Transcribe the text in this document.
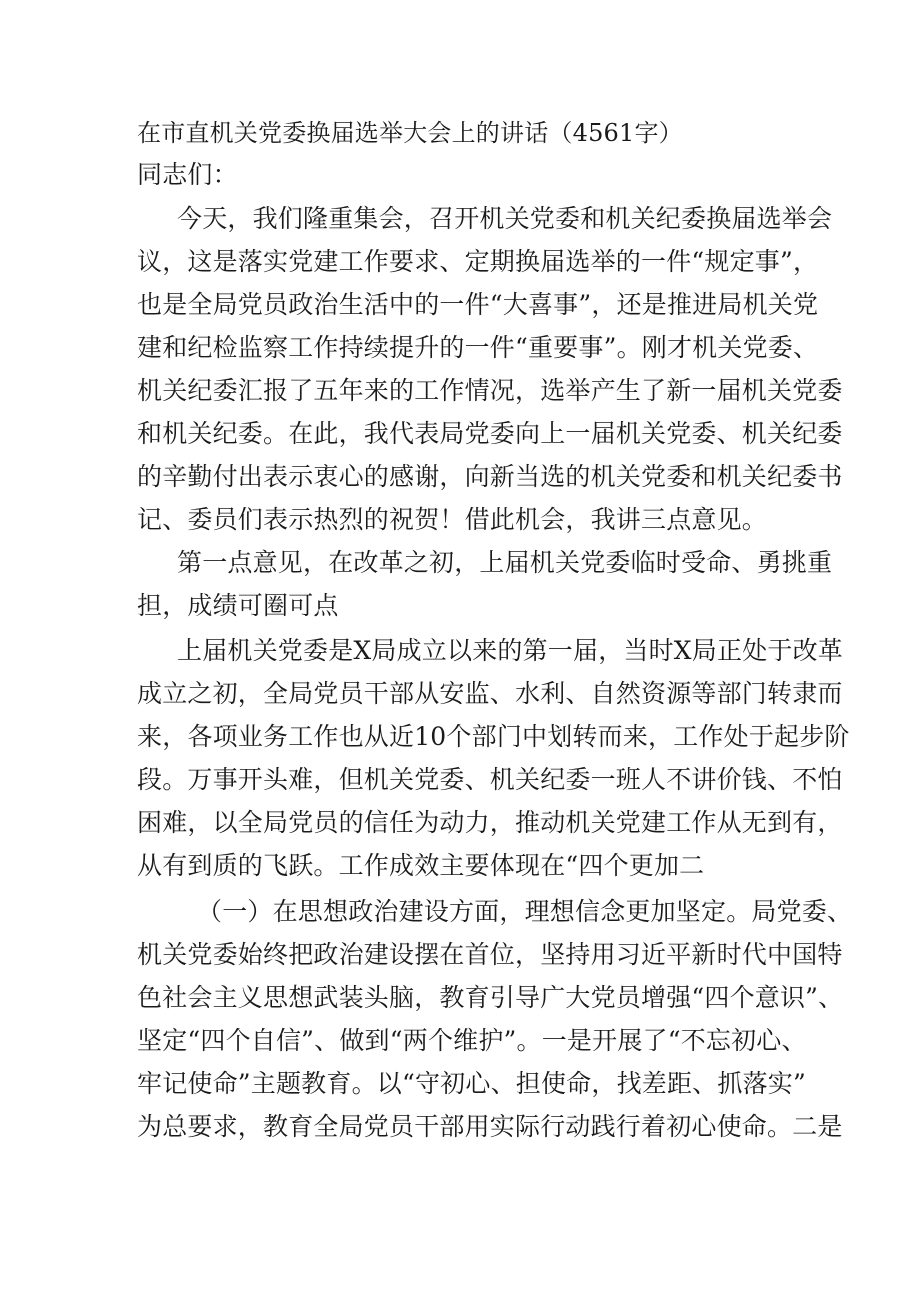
在市直机关党委换届选举大会上的讲话（4561字）
同志们：
今天，我们隆重集会，召开机关党委和机关纪委换届选举会
议，这是落实党建工作要求、定期换届选举的一件“规定事”，
也是全局党员政治生活中的一件“大喜事”，还是推进局机关党
建和纪检监察工作持续提升的一件“重要事”。刚才机关党委、
机关纪委汇报了五年来的工作情况，选举产生了新一届机关党委
和机关纪委。在此，我代表局党委向上一届机关党委、机关纪委
的辛勤付出表示衷心的感谢，向新当选的机关党委和机关纪委书
记、委员们表示热烈的祝贺！借此机会，我讲三点意见。
第一点意见，在改革之初，上届机关党委临时受命、勇挑重
担，成绩可圈可点
上届机关党委是X局成立以来的第一届，当时X局正处于改革
成立之初，全局党员干部从安监、水利、自然资源等部门转隶而
来，各项业务工作也从近10个部门中划转而来，工作处于起步阶
段。万事开头难，但机关党委、机关纪委一班人不讲价钱、不怕
困难，以全局党员的信任为动力，推动机关党建工作从无到有，
从有到质的飞跃。工作成效主要体现在“四个更加二
（一）在思想政治建设方面，理想信念更加坚定。局党委、
机关党委始终把政治建设摆在首位，坚持用习近平新时代中国特
色社会主义思想武装头脑，教育引导广大党员增强“四个意识”、
坚定“四个自信”、做到“两个维护”。一是开展了“不忘初心、
牢记使命”主题教育。以“守初心、担使命，找差距、抓落实”
为总要求，教育全局党员干部用实际行动践行着初心使命。二是
